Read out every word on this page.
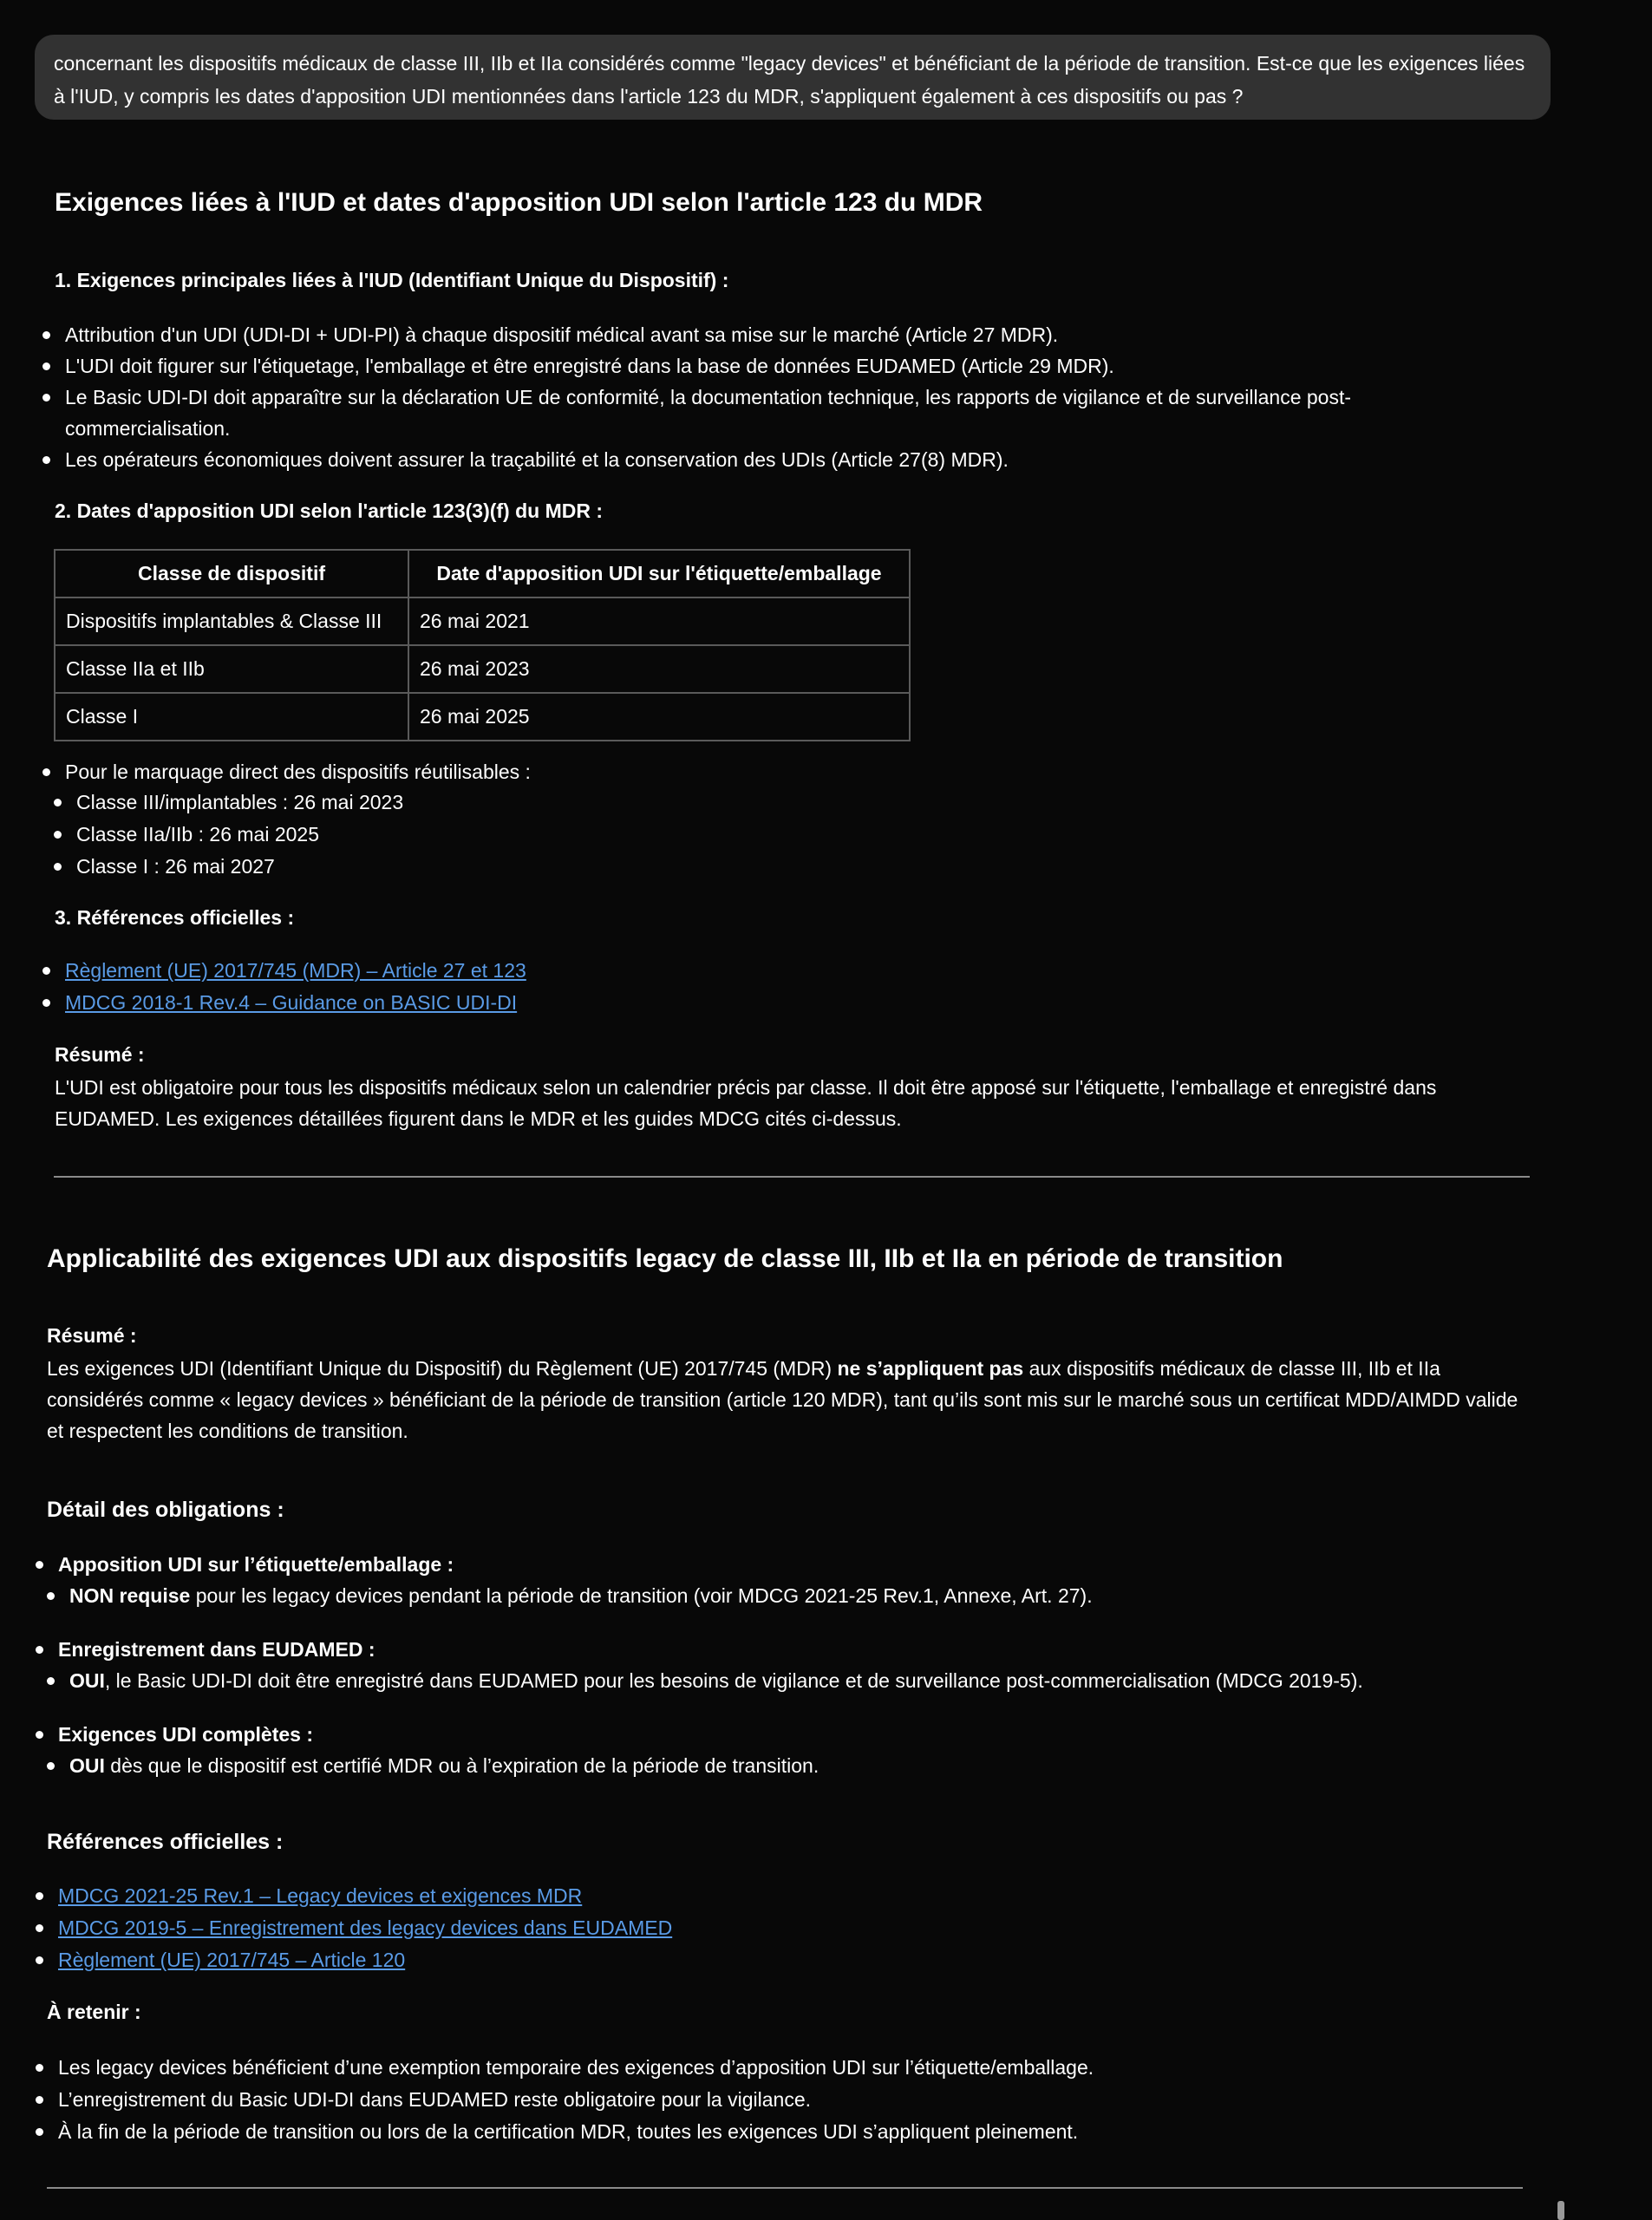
concernant les dispositifs médicaux de classe III, IIb et IIa considérés comme "legacy devices" et bénéficiant de la période de transition. Est-ce que les exigences liées à l'IUD, y compris les dates d'apposition UDI mentionnées dans l'article 123 du MDR, s'appliquent également à ces dispositifs ou pas ?
Exigences liées à l'IUD et dates d'apposition UDI selon l'article 123 du MDR
1. Exigences principales liées à l'IUD (Identifiant Unique du Dispositif) :
Attribution d'un UDI (UDI-DI + UDI-PI) à chaque dispositif médical avant sa mise sur le marché (Article 27 MDR).
L'UDI doit figurer sur l'étiquetage, l'emballage et être enregistré dans la base de données EUDAMED (Article 29 MDR).
Le Basic UDI-DI doit apparaître sur la déclaration UE de conformité, la documentation technique, les rapports de vigilance et de surveillance post-commercialisation.
Les opérateurs économiques doivent assurer la traçabilité et la conservation des UDIs (Article 27(8) MDR).
2. Dates d'apposition UDI selon l'article 123(3)(f) du MDR :
Classe de dispositif	Date d'apposition UDI sur l'étiquette/emballage
Dispositifs implantables & Classe III	26 mai 2021
Classe IIa et IIb	26 mai 2023
Classe I	26 mai 2025
Pour le marquage direct des dispositifs réutilisables :
Classe III/implantables : 26 mai 2023
Classe IIa/IIb : 26 mai 2025
Classe I : 26 mai 2027
3. Références officielles :
Règlement (UE) 2017/745 (MDR) – Article 27 et 123
MDCG 2018-1 Rev.4 – Guidance on BASIC UDI-DI
Résumé :
L'UDI est obligatoire pour tous les dispositifs médicaux selon un calendrier précis par classe. Il doit être apposé sur l'étiquette, l'emballage et enregistré dans EUDAMED. Les exigences détaillées figurent dans le MDR et les guides MDCG cités ci-dessus.
Applicabilité des exigences UDI aux dispositifs legacy de classe III, IIb et IIa en période de transition
Résumé :
Les exigences UDI (Identifiant Unique du Dispositif) du Règlement (UE) 2017/745 (MDR) ne s’appliquent pas aux dispositifs médicaux de classe III, IIb et IIa considérés comme « legacy devices » bénéficiant de la période de transition (article 120 MDR), tant qu’ils sont mis sur le marché sous un certificat MDD/AIMDD valide et respectent les conditions de transition.
Détail des obligations :
Apposition UDI sur l’étiquette/emballage :
NON requise pour les legacy devices pendant la période de transition (voir MDCG 2021-25 Rev.1, Annexe, Art. 27).
Enregistrement dans EUDAMED :
OUI, le Basic UDI-DI doit être enregistré dans EUDAMED pour les besoins de vigilance et de surveillance post-commercialisation (MDCG 2019-5).
Exigences UDI complètes :
OUI dès que le dispositif est certifié MDR ou à l’expiration de la période de transition.
Références officielles :
MDCG 2021-25 Rev.1 – Legacy devices et exigences MDR
MDCG 2019-5 – Enregistrement des legacy devices dans EUDAMED
Règlement (UE) 2017/745 – Article 120
À retenir :
Les legacy devices bénéficient d’une exemption temporaire des exigences d’apposition UDI sur l’étiquette/emballage.
L’enregistrement du Basic UDI-DI dans EUDAMED reste obligatoire pour la vigilance.
À la fin de la période de transition ou lors de la certification MDR, toutes les exigences UDI s’appliquent pleinement.
